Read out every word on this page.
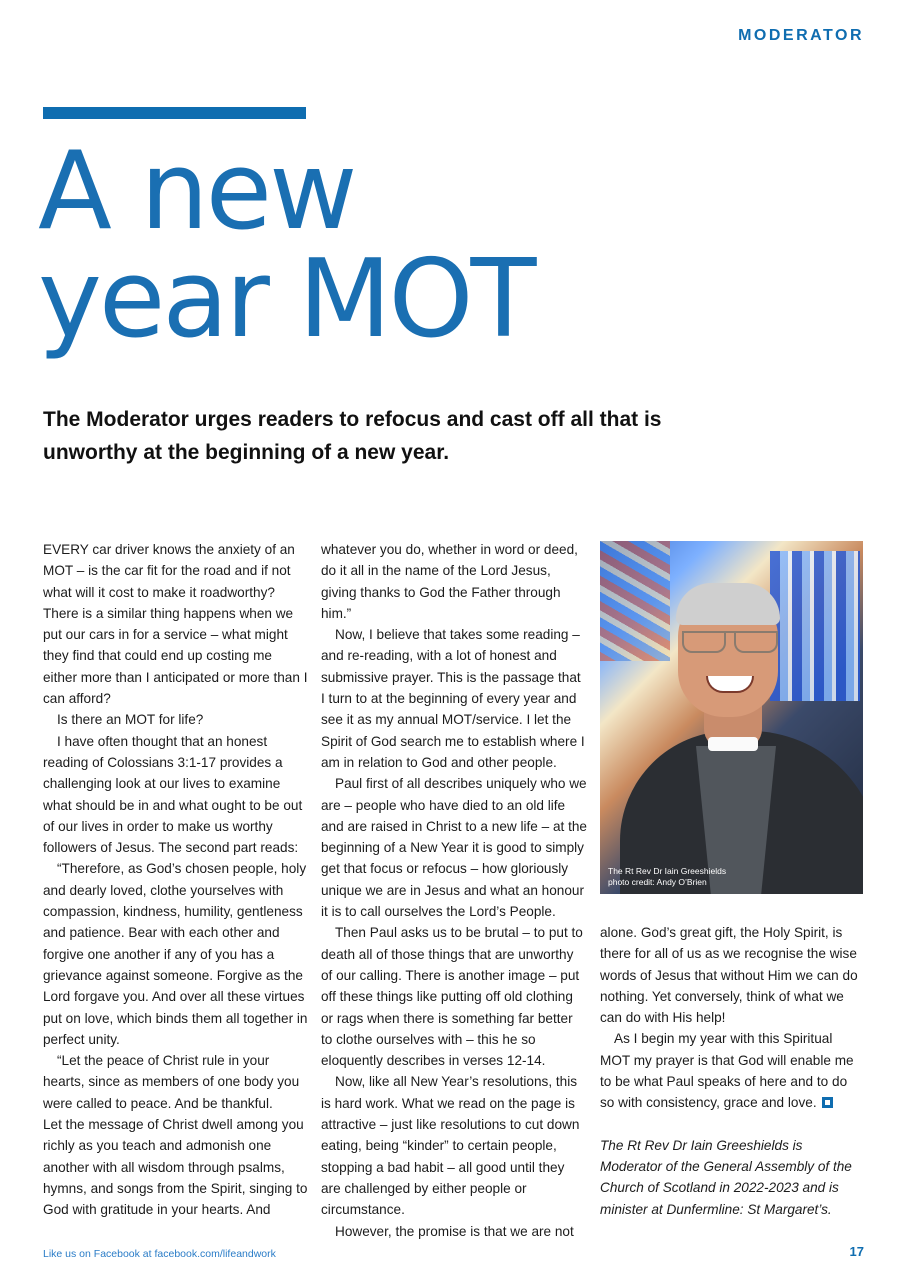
MODERATOR
A new
year MOT

The Moderator urges readers to refocus and cast off all that is unworthy at the beginning of a new year.

EVERY car driver knows the anxiety of an MOT – is the car fit for the road and if not what will it cost to make it roadworthy? There is a similar thing happens when we put our cars in for a service – what might they find that could end up costing me either more than I anticipated or more than I can afford?

Is there an MOT for life?

I have often thought that an honest reading of Colossians 3:1-17 provides a challenging look at our lives to examine what should be in and what ought to be out of our lives in order to make us worthy followers of Jesus. The second part reads:

“Therefore, as God’s chosen people, holy and dearly loved, clothe yourselves with compassion, kindness, humility, gentleness and patience. Bear with each other and forgive one another if any of you has a grievance against someone. Forgive as the Lord forgave you. And over all these virtues put on love, which binds them all together in perfect unity.

“Let the peace of Christ rule in your hearts, since as members of one body you were called to peace. And be thankful.

Let the message of Christ dwell among you richly as you teach and admonish one another with all wisdom through psalms, hymns, and songs from the Spirit, singing to God with gratitude in your hearts. And

whatever you do, whether in word or deed, do it all in the name of the Lord Jesus, giving thanks to God the Father through him.”

Now, I believe that takes some reading – and re-reading, with a lot of honest and submissive prayer. This is the passage that I turn to at the beginning of every year and see it as my annual MOT/service. I let the Spirit of God search me to establish where I am in relation to God and other people.

Paul first of all describes uniquely who we are – people who have died to an old life and are raised in Christ to a new life – at the beginning of a New Year it is good to simply get that focus or refocus – how gloriously unique we are in Jesus and what an honour it is to call ourselves the Lord’s People.

Then Paul asks us to be brutal – to put to death all of those things that are unworthy of our calling. There is another image – put off these things like putting off old clothing or rags when there is something far better to clothe ourselves with – this he so eloquently describes in verses 12-14.

Now, like all New Year’s resolutions, this is hard work. What we read on the page is attractive – just like resolutions to cut down eating, being “kinder” to certain people, stopping a bad habit – all good until they are challenged by either people or circumstance.

However, the promise is that we are not

The Rt Rev Dr Iain Greeshields
photo credit: Andy O’Brien

alone. God’s great gift, the Holy Spirit, is there for all of us as we recognise the wise words of Jesus that without Him we can do nothing. Yet conversely, think of what we can do with His help!

As I begin my year with this Spiritual MOT my prayer is that God will enable me to be what Paul speaks of here and to do so with consistency, grace and love.

The Rt Rev Dr Iain Greeshields is Moderator of the General Assembly of the Church of Scotland in 2022-2023 and is minister at Dunfermline: St Margaret’s.

Like us on Facebook at facebook.com/lifeandwork	17
